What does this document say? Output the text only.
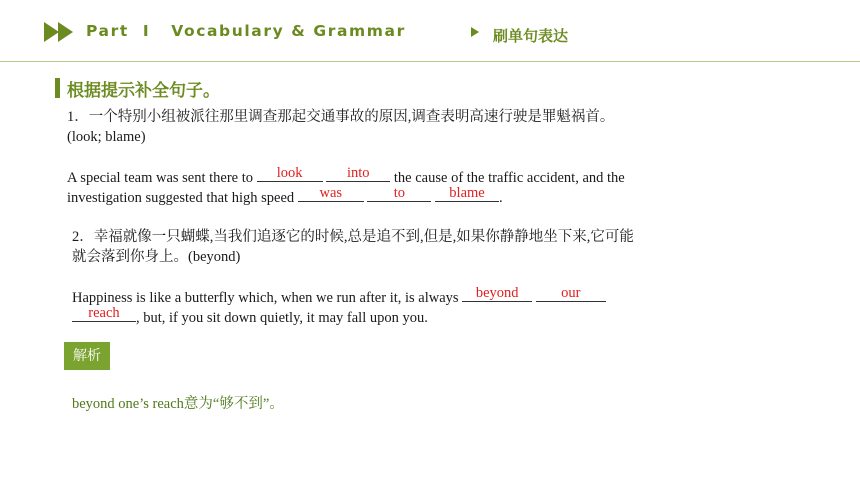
Part  Ⅰ   Vocabulary & Grammar	刷单句表达
根据提示补全句子。
1．一个特别小组被派往那里调查那起交通事故的原因,调查表明高速行驶是罪魁祸首。
(look; blame)
A special team was sent there to	look
	into	the cause of the traffic accident, and the
investigation suggested that high speed	was
	to
	blame .
2．幸福就像一只蝴蝶,当我们追逐它的时候,总是追不到,但是,如果你静静地坐下来,它可能
就会落到你身上。(beyond)
Happiness is like a butterfly which, when we run after it, is always beyond
	our
reach	, but, if you sit down quietly, it may fall upon you.
解析
beyond one’s reach意为“够不到”。
